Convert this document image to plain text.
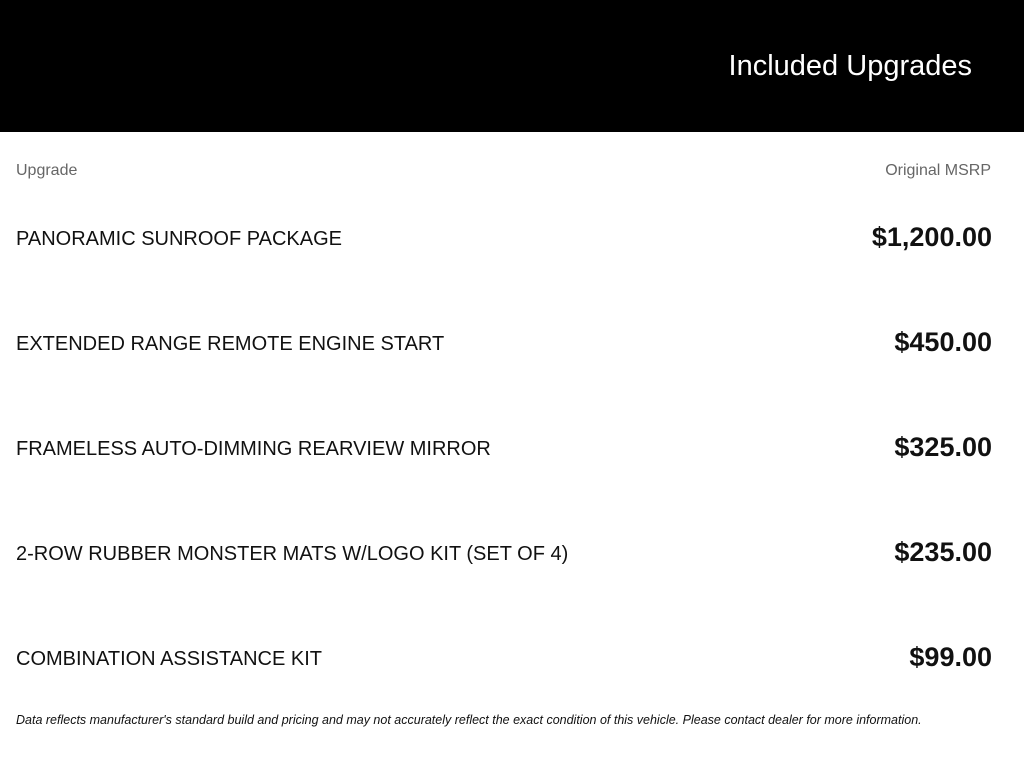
Included Upgrades
Upgrade	Original MSRP
PANORAMIC SUNROOF PACKAGE	$1,200.00
EXTENDED RANGE REMOTE ENGINE START	$450.00
FRAMELESS AUTO-DIMMING REARVIEW MIRROR	$325.00
2-ROW RUBBER MONSTER MATS W/LOGO KIT (SET OF 4)	$235.00
COMBINATION ASSISTANCE KIT	$99.00
Data reflects manufacturer's standard build and pricing and may not accurately reflect the exact condition of this vehicle. Please contact dealer for more information.
